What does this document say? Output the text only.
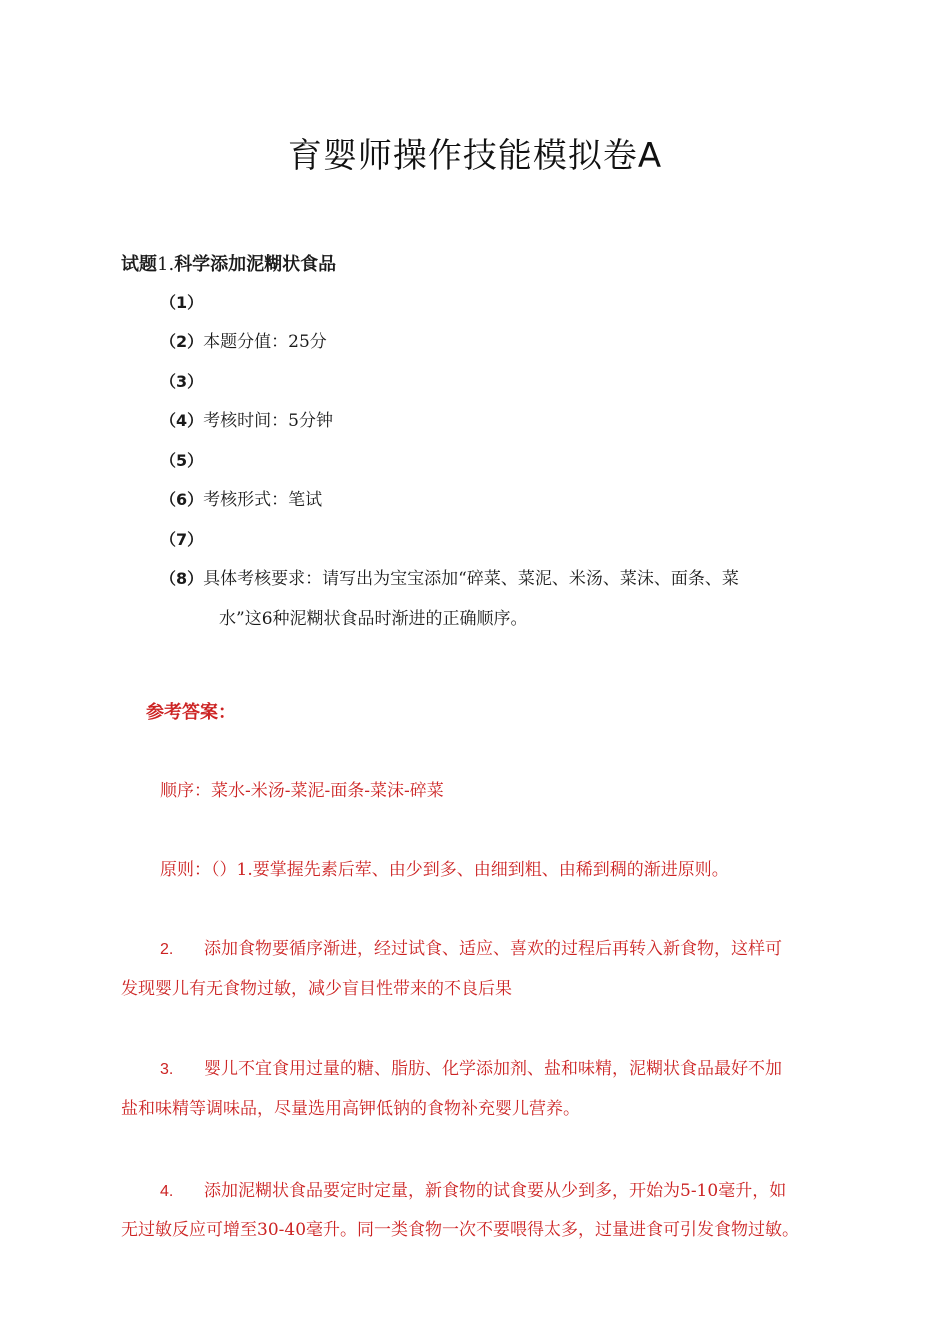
育婴师操作技能模拟卷A
试题1.科学添加泥糊状食品
（1）
（2）本题分值：25分
（3）
（4）考核时间：5分钟
（5）
（6）考核形式：笔试
（7）
（8）具体考核要求：请写出为宝宝添加“碎菜、菜泥、米汤、菜沫、面条、菜
水”这6种泥糊状食品时渐进的正确顺序。
参考答案：
顺序：菜水-米汤-菜泥-面条-菜沫-碎菜
原则：（）1.要掌握先素后荤、由少到多、由细到粗、由稀到稠的渐进原则。
2. 添加食物要循序渐进，经过试食、适应、喜欢的过程后再转入新食物，这样可
发现婴儿有无食物过敏，减少盲目性带来的不良后果
3. 婴儿不宜食用过量的糖、脂肪、化学添加剂、盐和味精，泥糊状食品最好不加
盐和味精等调味品，尽量选用高钾低钠的食物补充婴儿营养。
4. 添加泥糊状食品要定时定量，新食物的试食要从少到多，开始为5-10毫升，如
无过敏反应可增至30-40毫升。同一类食物一次不要喂得太多，过量进食可引发食物过敏。
